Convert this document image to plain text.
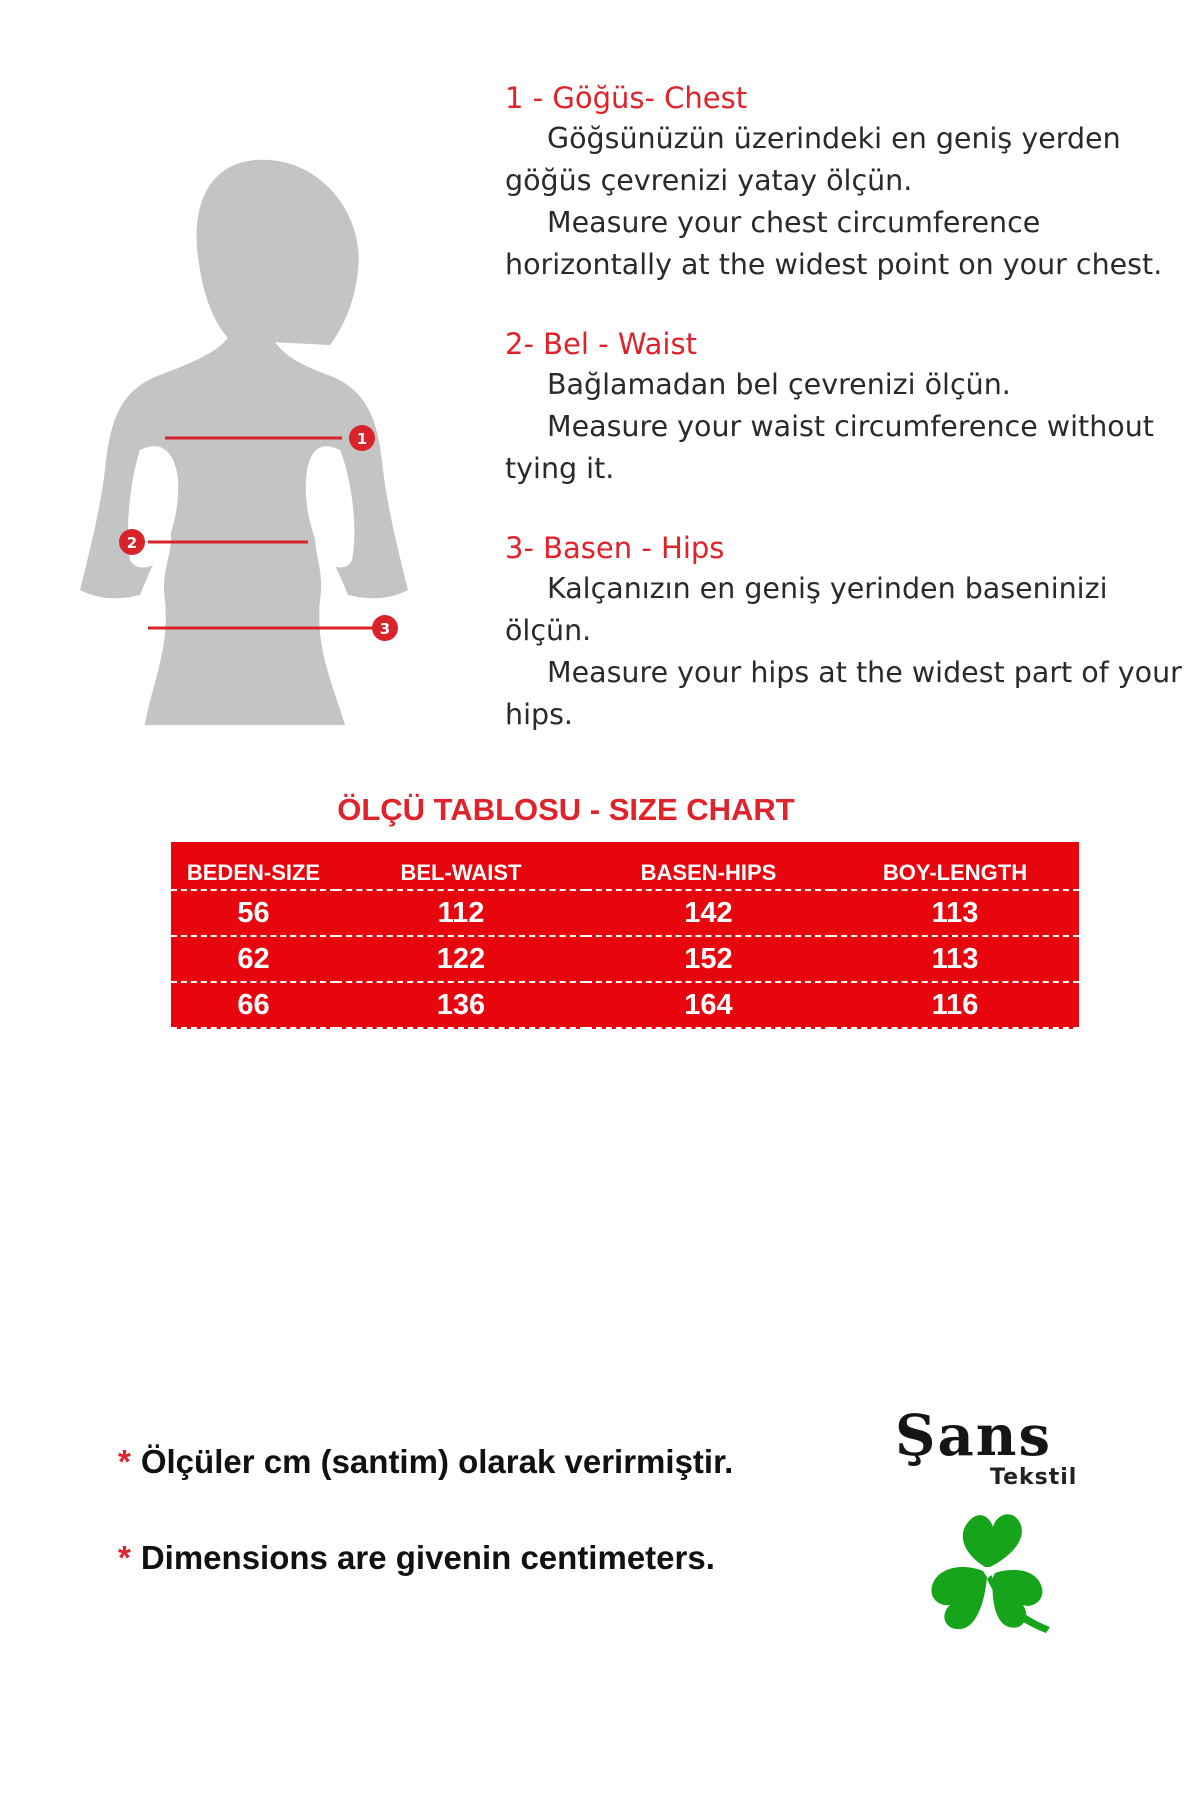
1
2
3

1 - Göğüs- Chest

Göğsünüzün üzerindeki en geniş yerden göğüs çevrenizi yatay ölçün.

Measure your chest circumference horizontally at the widest point on your chest.

2- Bel - Waist

Bağlamadan bel çevrenizi ölçün.

Measure your waist circumference without tying it.

3- Basen - Hips

Kalçanızın en geniş yerinden baseninizi ölçün.

Measure your hips at the widest part of your hips.

ÖLÇÜ TABLOSU - SIZE CHART

BEDEN-SIZE	BEL-WAIST	BASEN-HIPS	BOY-LENGTH
56	112	142	113
62	122	152	113
66	136	164	116

* Ölçüler cm (santim) olarak verirmiştir.

* Dimensions are givenin centimeters.

Şans
Tekstil
